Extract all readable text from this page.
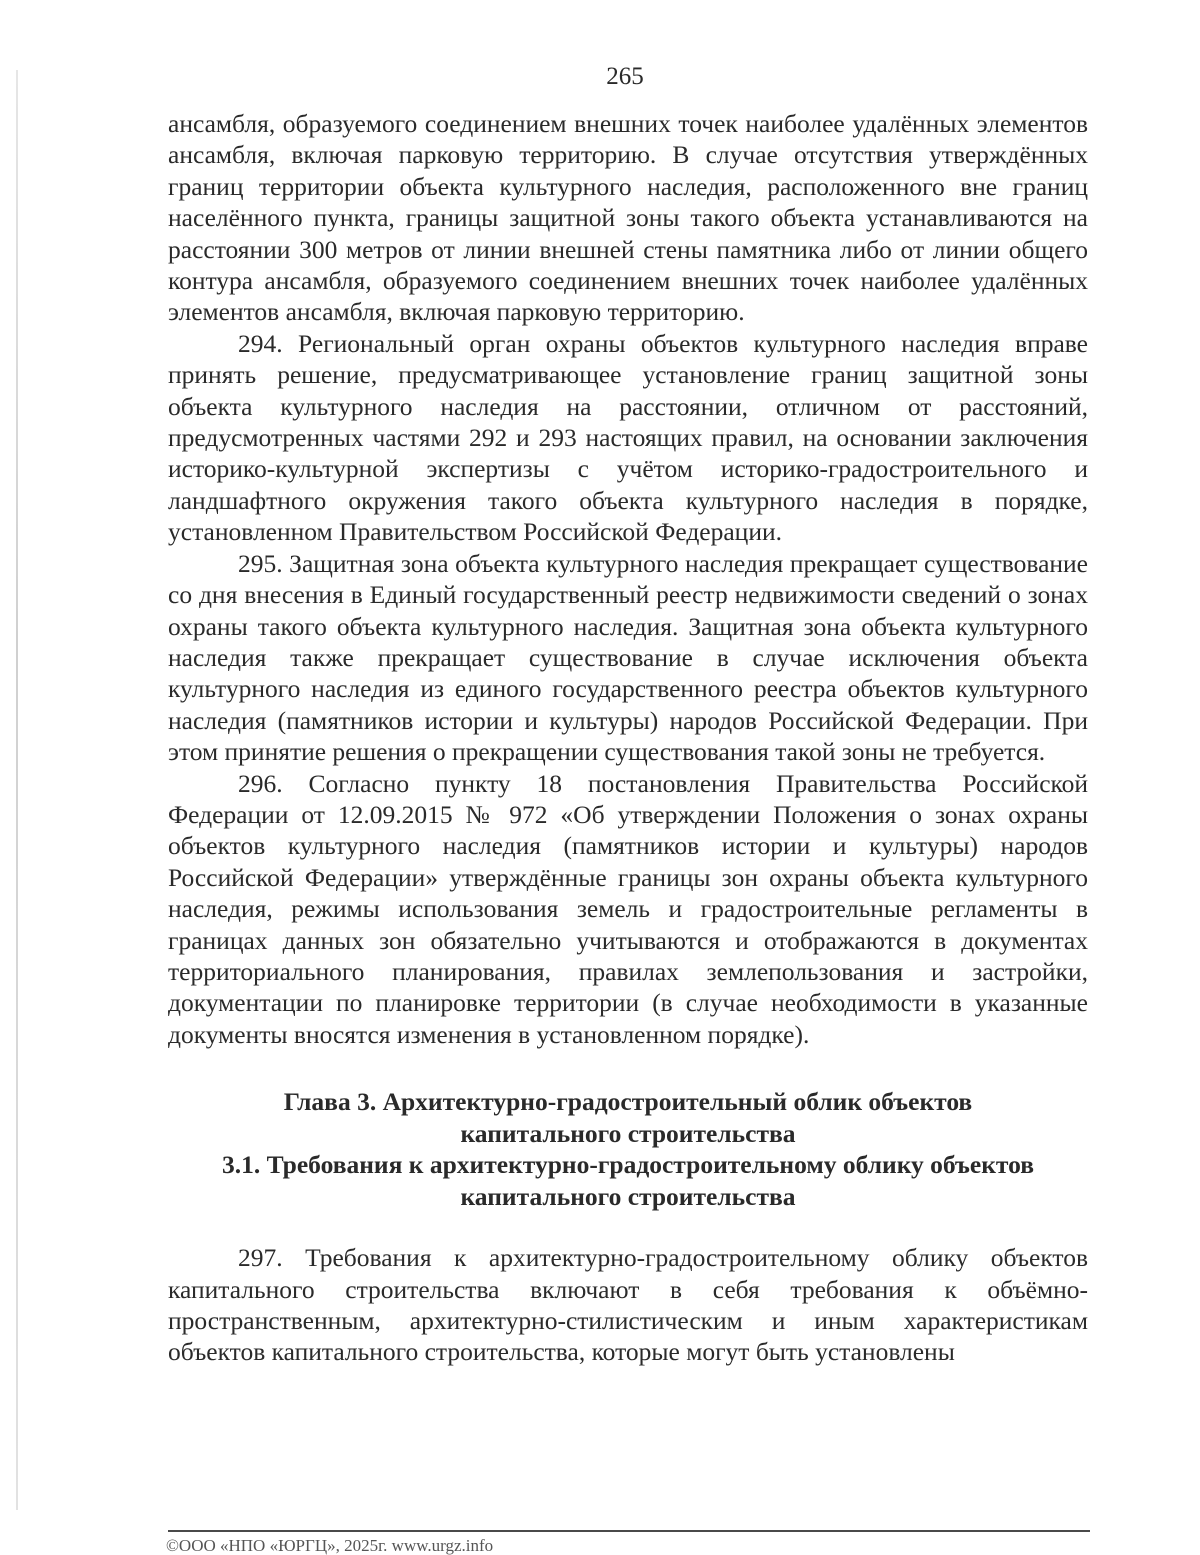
265

ансамбля, образуемого соединением внешних точек наиболее удалённых элементов ансамбля, включая парковую территорию. В случае отсутствия утверждённых границ территории объекта культурного наследия, расположенного вне границ населённого пункта, границы защитной зоны такого объекта устанавливаются на расстоянии 300 метров от линии внешней стены памятника либо от линии общего контура ансамбля, образуемого соединением внешних точек наиболее удалённых элементов ансамбля, включая парковую территорию.

294. Региональный орган охраны объектов культурного наследия вправе принять решение, предусматривающее установление границ защитной зоны объекта культурного наследия на расстоянии, отличном от расстояний, предусмотренных частями 292 и 293 настоящих правил, на основании заключения историко-культурной экспертизы с учётом историко-градостроительного и ландшафтного окружения такого объекта культурного наследия в порядке, установленном Правительством Российской Федерации.

295. Защитная зона объекта культурного наследия прекращает существование со дня внесения в Единый государственный реестр недвижимости сведений о зонах охраны такого объекта культурного наследия. Защитная зона объекта культурного наследия также прекращает существование в случае исключения объекта культурного наследия из единого государственного реестра объектов культурного наследия (памятников истории и культуры) народов Российской Федерации. При этом принятие решения о прекращении существования такой зоны не требуется.

296. Согласно пункту 18 постановления Правительства Российской Федерации от 12.09.2015 № 972 «Об утверждении Положения о зонах охраны объектов культурного наследия (памятников истории и культуры) народов Российской Федерации» утверждённые границы зон охраны объекта культурного наследия, режимы использования земель и градостроительные регламенты в границах данных зон обязательно учитываются и отображаются в документах территориального планирования, правилах землепользования и застройки, документации по планировке территории (в случае необходимости в указанные документы вносятся изменения в установленном порядке).

Глава 3. Архитектурно-градостроительный облик объектов
капитального строительства
3.1. Требования к архитектурно-градостроительному облику объектов
капитального строительства

297. Требования к архитектурно-градостроительному облику объектов капитального строительства включают в себя требования к объёмно-пространственным, архитектурно-стилистическим и иным характеристикам объектов капитального строительства, которые могут быть установлены

©ООО «НПО «ЮРГЦ», 2025г. www.urgz.info
